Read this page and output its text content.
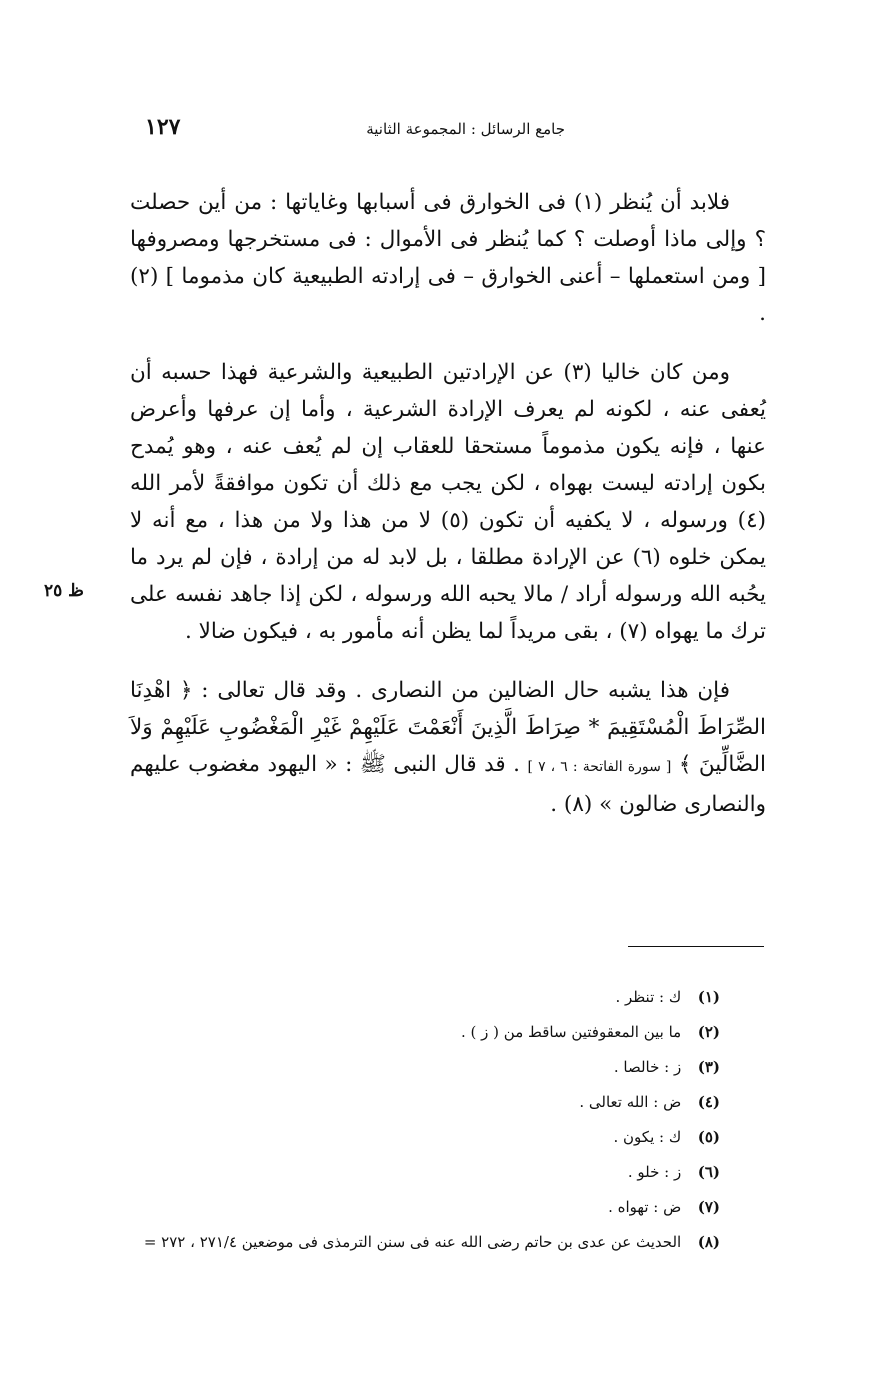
جامع الرسائل : المجموعة الثانية
١٢٧
ظ ٢٥

فلابد أن يُنظر (١) فى الخوارق فى أسبابها وغاياتها : من أين حصلت ؟ وإلى ماذا أوصلت ؟ كما يُنظر فى الأموال : فى مستخرجها ومصروفها [ ومن استعملها – أعنى الخوارق – فى إرادته الطبيعية كان مذموما ] (٢) .

ومن كان خاليا (٣) عن الإرادتين الطبيعية والشرعية فهذا حسبه أن يُعفى عنه ، لكونه لم يعرف الإرادة الشرعية ، وأما إن عرفها وأعرض عنها ، فإنه يكون مذموماً مستحقا للعقاب إن لم يُعف عنه ، وهو يُمدح بكون إرادته ليست بهواه ، لكن يجب مع ذلك أن تكون موافقةً لأمر الله (٤) ورسوله ، لا يكفيه أن تكون (٥) لا من هذا ولا من هذا ، مع أنه لا يمكن خلوه (٦) عن الإرادة مطلقا ، بل لابد له من إرادة ، فإن لم يرد ما يحُبه الله ورسوله أراد / مالا يحبه الله ورسوله ، لكن إذا جاهد نفسه على ترك ما يهواه (٧) ، بقى مريداً لما يظن أنه مأمور به ، فيكون ضالا .

فإن هذا يشبه حال الضالين من النصارى . وقد قال تعالى : ﴿ اهْدِنَا الصِّرَاطَ الْمُسْتَقِيمَ * صِرَاطَ الَّذِينَ أَنْعَمْتَ عَلَيْهِمْ غَيْرِ الْمَغْضُوبِ عَلَيْهِمْ وَلاَ الضَّالِّينَ ﴾ [ سورة الفاتحة : ٦ ، ٧ ] . قد قال النبى ﷺ : « اليهود مغضوب عليهم والنصارى ضالون » (٨) .

(١) ك : تنظر .
(٢) ما بين المعقوفتين ساقط من ( ز ) .
(٣) ز : خالصا .
(٤) ض : الله تعالى .
(٥) ك : يكون .
(٦) ز : خلو .
(٧) ض : تهواه .
(٨) الحديث عن عدى بن حاتم رضى الله عنه فى سنن الترمذى فى موضعين ٢٧١/٤ ، ٢٧٢ =
